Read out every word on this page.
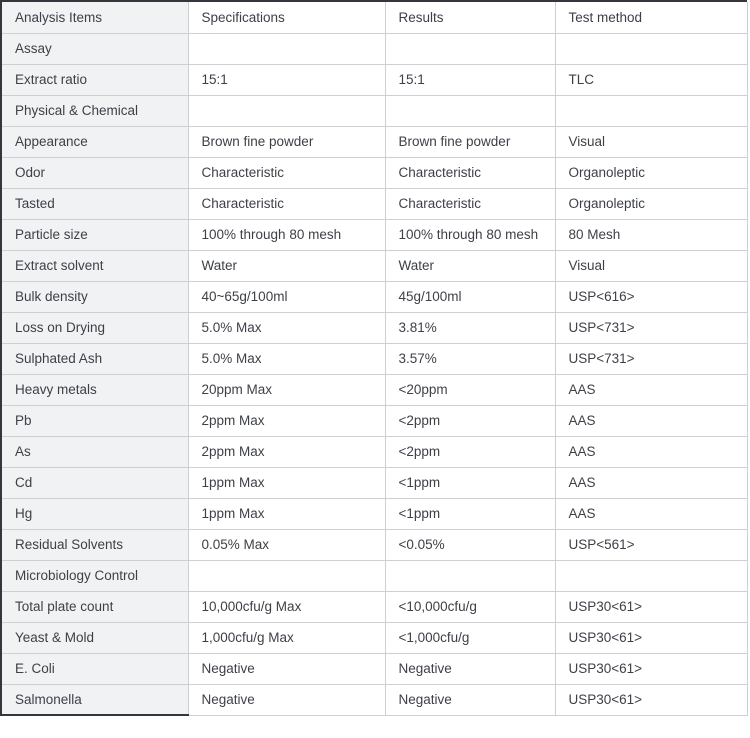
Analysis Items	Specifications	Results	Test method
Assay			
Extract ratio	15:1	15:1	TLC
Physical & Chemical			
Appearance	Brown fine powder	Brown fine powder	Visual
Odor	Characteristic	Characteristic	Organoleptic
Tasted	Characteristic	Characteristic	Organoleptic
Particle size	100% through 80 mesh	100% through 80 mesh	80 Mesh
Extract solvent	Water	Water	Visual
Bulk density	40~65g/100ml	45g/100ml	USP<616>
Loss on Drying	5.0% Max	3.81%	USP<731>
Sulphated Ash	5.0% Max	3.57%	USP<731>
Heavy metals	20ppm Max	<20ppm	AAS
Pb	2ppm Max	<2ppm	AAS
As	2ppm Max	<2ppm	AAS
Cd	1ppm Max	<1ppm	AAS
Hg	1ppm Max	<1ppm	AAS
Residual Solvents	0.05% Max	<0.05%	USP<561>
Microbiology Control			
Total plate count	10,000cfu/g Max	<10,000cfu/g	USP30<61>
Yeast & Mold	1,000cfu/g Max	<1,000cfu/g	USP30<61>
E. Coli	Negative	Negative	USP30<61>
Salmonella	Negative	Negative	USP30<61>
